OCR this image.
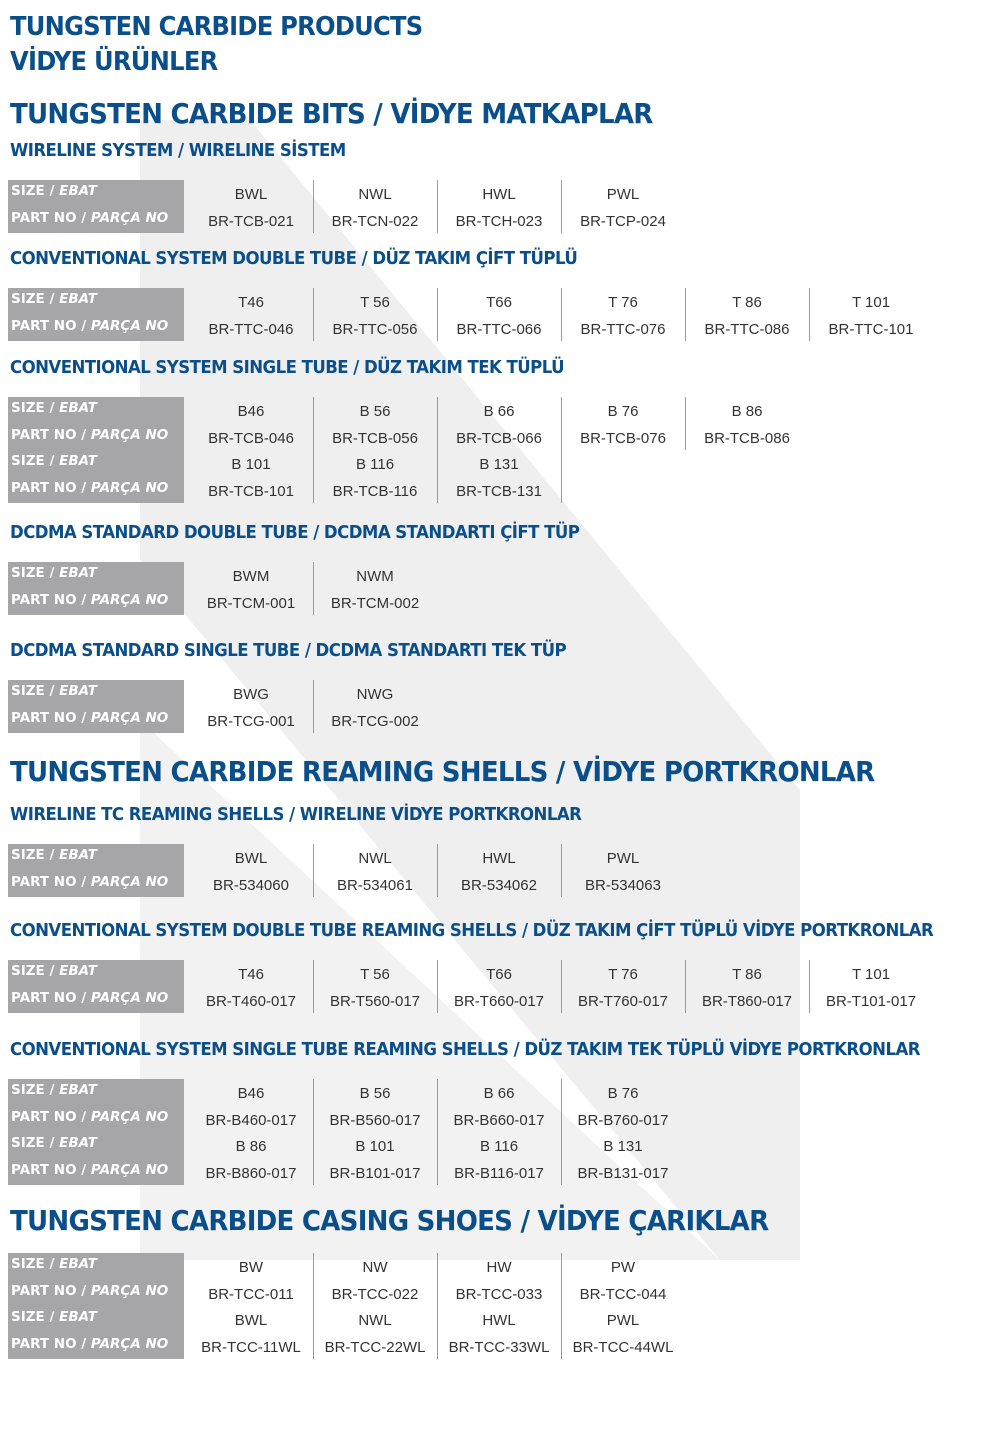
TUNGSTEN CARBIDE PRODUCTS
VİDYE ÜRÜNLER
TUNGSTEN CARBIDE BITS / VİDYE MATKAPLAR
WIRELINE SYSTEM / WIRELINE SİSTEM
SIZE / EBAT
PART NO / PARÇA NO
BWL	NWL	HWL	PWL
BR-TCB-021	BR-TCN-022	BR-TCH-023	BR-TCP-024
CONVENTIONAL SYSTEM DOUBLE TUBE / DÜZ TAKIM ÇİFT TÜPLÜ
SIZE / EBAT
PART NO / PARÇA NO
T46	T 56	T66	T 76	T 86	T 101
BR-TTC-046	BR-TTC-056	BR-TTC-066	BR-TTC-076	BR-TTC-086	BR-TTC-101
CONVENTIONAL SYSTEM SINGLE TUBE / DÜZ TAKIM TEK TÜPLÜ
SIZE / EBAT
PART NO / PARÇA NO
SIZE / EBAT
PART NO / PARÇA NO
B46	B 56	B 66	B 76	B 86
BR-TCB-046	BR-TCB-056	BR-TCB-066	BR-TCB-076	BR-TCB-086
B 101	B 116	B 131
BR-TCB-101	BR-TCB-116	BR-TCB-131
DCDMA STANDARD DOUBLE TUBE / DCDMA STANDARTI ÇİFT TÜP
SIZE / EBAT
PART NO / PARÇA NO
BWM	NWM
BR-TCM-001	BR-TCM-002
DCDMA STANDARD SINGLE TUBE / DCDMA STANDARTI TEK TÜP
SIZE / EBAT
PART NO / PARÇA NO
BWG	NWG
BR-TCG-001	BR-TCG-002
TUNGSTEN CARBIDE REAMING SHELLS / VİDYE PORTKRONLAR
WIRELINE TC REAMING SHELLS / WIRELINE VİDYE PORTKRONLAR
SIZE / EBAT
PART NO / PARÇA NO
BWL	NWL	HWL	PWL
BR-534060	BR-534061	BR-534062	BR-534063
CONVENTIONAL SYSTEM DOUBLE TUBE REAMING SHELLS / DÜZ TAKIM ÇİFT TÜPLÜ VİDYE PORTKRONLAR
SIZE / EBAT
PART NO / PARÇA NO
T46	T 56	T66	T 76	T 86	T 101
BR-T460-017	BR-T560-017	BR-T660-017	BR-T760-017	BR-T860-017	BR-T101-017
CONVENTIONAL SYSTEM SINGLE TUBE REAMING SHELLS / DÜZ TAKIM TEK TÜPLÜ VİDYE PORTKRONLAR
SIZE / EBAT
PART NO / PARÇA NO
SIZE / EBAT
PART NO / PARÇA NO
B46	B 56	B 66	B 76
BR-B460-017	BR-B560-017	BR-B660-017	BR-B760-017
B 86	B 101	B 116	B 131
BR-B860-017	BR-B101-017	BR-B116-017	BR-B131-017
TUNGSTEN CARBIDE CASING SHOES / VİDYE ÇARIKLAR
SIZE / EBAT
PART NO / PARÇA NO
SIZE / EBAT
PART NO / PARÇA NO
BW	NW	HW	PW
BR-TCC-011	BR-TCC-022	BR-TCC-033	BR-TCC-044
BWL	NWL	HWL	PWL
BR-TCC-11WL	BR-TCC-22WL	BR-TCC-33WL	BR-TCC-44WL
